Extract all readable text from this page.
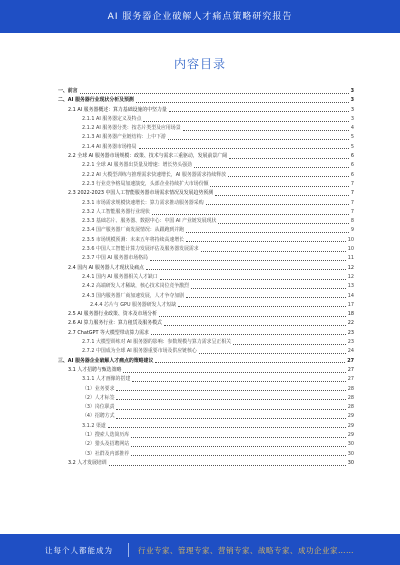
AI 服务器企业破解人才痛点策略研究报告
内容目录
一、前言	3
二、AI 服务器行业现状分析及预测	3
2.1 AI 服务器概述：算力基础设施的中坚力量	3
2.1.1 AI 服务器定义及特点	3
2.1.2 AI 服务器分类：按芯片类型及应用场景	4
2.1.3 AI 服务器产业链结构：上中下游	5
2.1.4 AI 服务器市场格局	5
2.2 全球 AI 服务器市场规模：政策、技术与需求三重驱动，发展前景广阔	6
2.2.1 全球 AI 服务器出货量及增速：增长势头强劲	6
2.2.2 AI 大模型训练与推理需求快速增长，AI 服务器需求持续释放	6
2.2.3 行业竞争格局加速演变，头部企业持续扩大市场份额	7
2.3 2022-2023 中国人工智能服务器市场需求情况及发展趋势预测	7
2.3.1 市场需求规模快速增长：算力需求推动服务器采购	7
2.3.2 人工智能服务器行业现状	7
2.3.3 基础芯片、服务器、数据中心：中国 AI 产业链发展现状	8
2.3.4 国产服务器厂商发展情况：从跟跑到并跑	9
2.3.5 市场规模预测：未来五年将持续高速增长	10
2.3.6 中国人工智能计算力发展评估及服务器发展需求	10
2.3.7 中国 AI 服务器市场格局	11
2.4 国内 AI 服务器人才现状及痛点	12
2.4.1 国内 AI 服务器相关人才缺口	12
2.4.2 高端研发人才稀缺，核心技术岗位竞争激烈	13
2.4.3 国内服务器厂商加速发展，人才争夺加剧	14
2.4.4 芯片与 GPU 服务器研发人才短缺	17
2.5 AI 服务器行业政策、资本及市场分析	18
2.6 AI 算力服务行业：算力租赁及服务模式	22
2.7 ChatGPT 等大模型带动算力需求	23
2.7.1 大模型训练对 AI 服务器的影响：参数规模与算力需求呈正相关	23
2.7.2 中国成为全球 AI 服务器重要市场及供应链核心	24
三、AI 服务器企业破解人才痛点的策略建议	27
3.1 人才招聘与甄选策略	27
3.1.1 人才画像的搭建	27
（1）业务要求	28
（2）人才标签	28
（3）岗位职责	28
（4）招聘方式	29
3.1.2 渠道	29
（1）搜索人选简历库	29
（2）猎头及招聘网站	30
（3）社群及内部推荐	30
3.2 人才发展培训	30
让每个人都能成为	行业专家、管理专家、营销专家、战略专家、成功企业家……
